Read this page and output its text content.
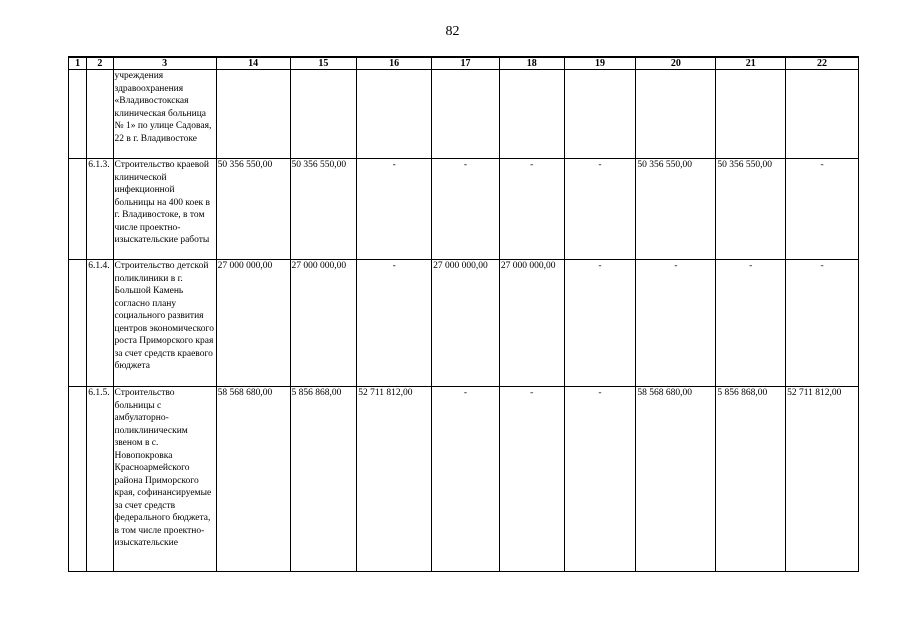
82
1	2	3	14	15	16	17	18	19	20	21	22
		учреждения здравоохранения «Владивостокская клиническая больница № 1» по улице Садовая, 22 в г. Владивостоке									
	6.1.3.	Строительство краевой клинической инфекционной больницы на 400 коек в г. Владивостоке, в том числе проектно-изыскательские работы	50 356 550,00	50 356 550,00	-	-	-	-	50 356 550,00	50 356 550,00	-
	6.1.4.	Строительство детской поликлиники в г. Большой Камень согласно плану социального развития центров экономического роста Приморского края за счет средств краевого бюджета	27 000 000,00	27 000 000,00	-	27 000 000,00	27 000 000,00	-	-	-	-
	6.1.5.	Строительство больницы с амбулаторно-поликлиническим звеном в с. Новопокровка Красноармейского района Приморского края, софинансируемые за счет средств федерального бюджета, в том числе проектно-изыскательские	58 568 680,00	5 856 868,00	52 711 812,00	-	-	-	58 568 680,00	5 856 868,00	52 711 812,00
